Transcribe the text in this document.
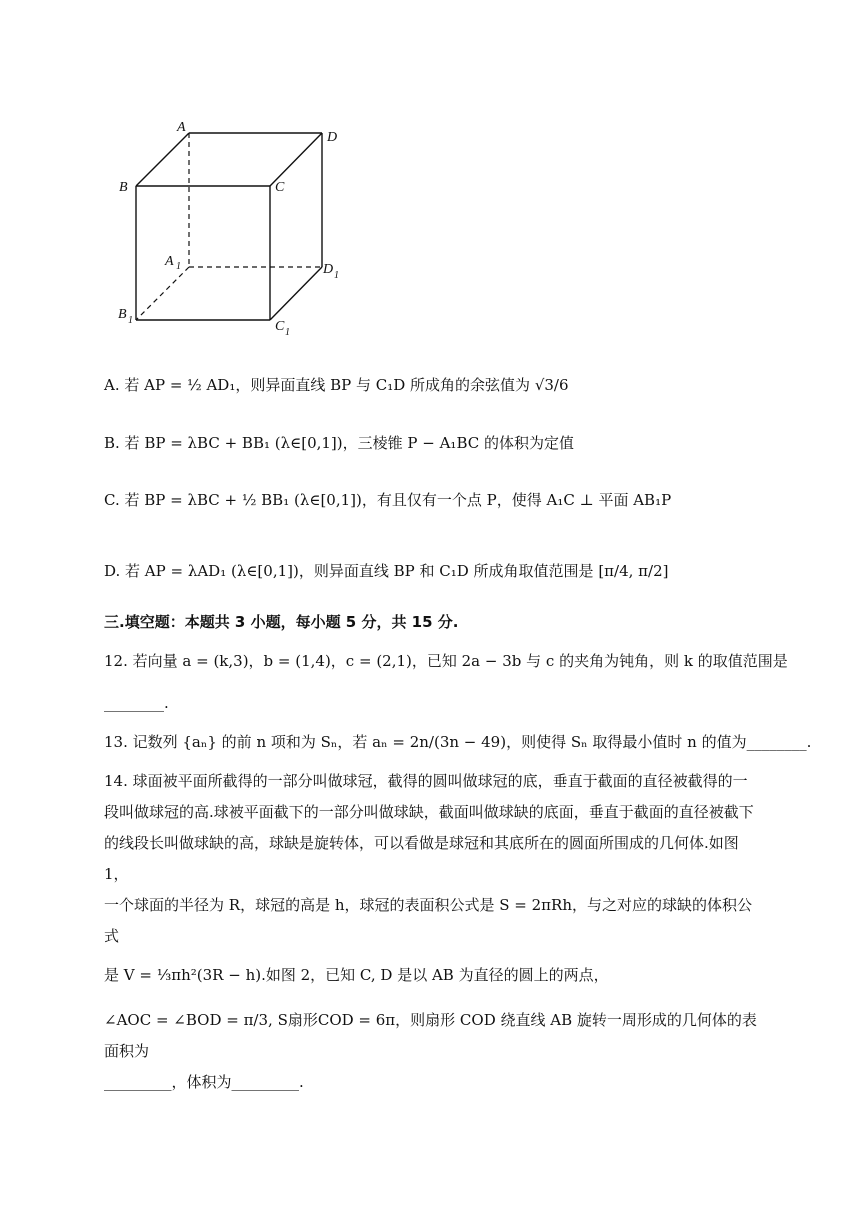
A
D
B	C
A 1	D 1
B 1	C 1
A. 若 AP = ½ AD₁，则异面直线 BP 与 C₁D 所成角的余弦值为 √3/6
B. 若 BP = λBC + BB₁ (λ∈[0,1])，三棱锥 P − A₁BC 的体积为定值
C. 若 BP = λBC + ½ BB₁ (λ∈[0,1])，有且仅有一个点 P，使得 A₁C ⊥ 平面 AB₁P
D. 若 AP = λAD₁ (λ∈[0,1])，则异面直线 BP 和 C₁D 所成角取值范围是 [π/4, π/2]
三.填空题：本题共 3 小题，每小题 5 分，共 15 分.
12. 若向量 a = (k,3)，b = (1,4)，c = (2,1)，已知 2a − 3b 与 c 的夹角为钝角，则 k 的取值范围是
________.
13. 记数列 {aₙ} 的前 n 项和为 Sₙ，若 aₙ = 2n/(3n − 49)，则使得 Sₙ 取得最小值时 n 的值为________.
14. 球面被平面所截得的一部分叫做球冠，截得的圆叫做球冠的底，垂直于截面的直径被截得的一
段叫做球冠的高.球被平面截下的一部分叫做球缺，截面叫做球缺的底面，垂直于截面的直径被截下
的线段长叫做球缺的高，球缺是旋转体，可以看做是球冠和其底所在的圆面所围成的几何体.如图 1，
一个球面的半径为 R，球冠的高是 h，球冠的表面积公式是 S = 2πRh，与之对应的球缺的体积公式
是 V = ⅓πh²(3R − h).如图 2，已知 C, D 是以 AB 为直径的圆上的两点，
∠AOC = ∠BOD = π/3, S扇形COD = 6π，则扇形 COD 绕直线 AB 旋转一周形成的几何体的表面积为
_________，体积为_________.
